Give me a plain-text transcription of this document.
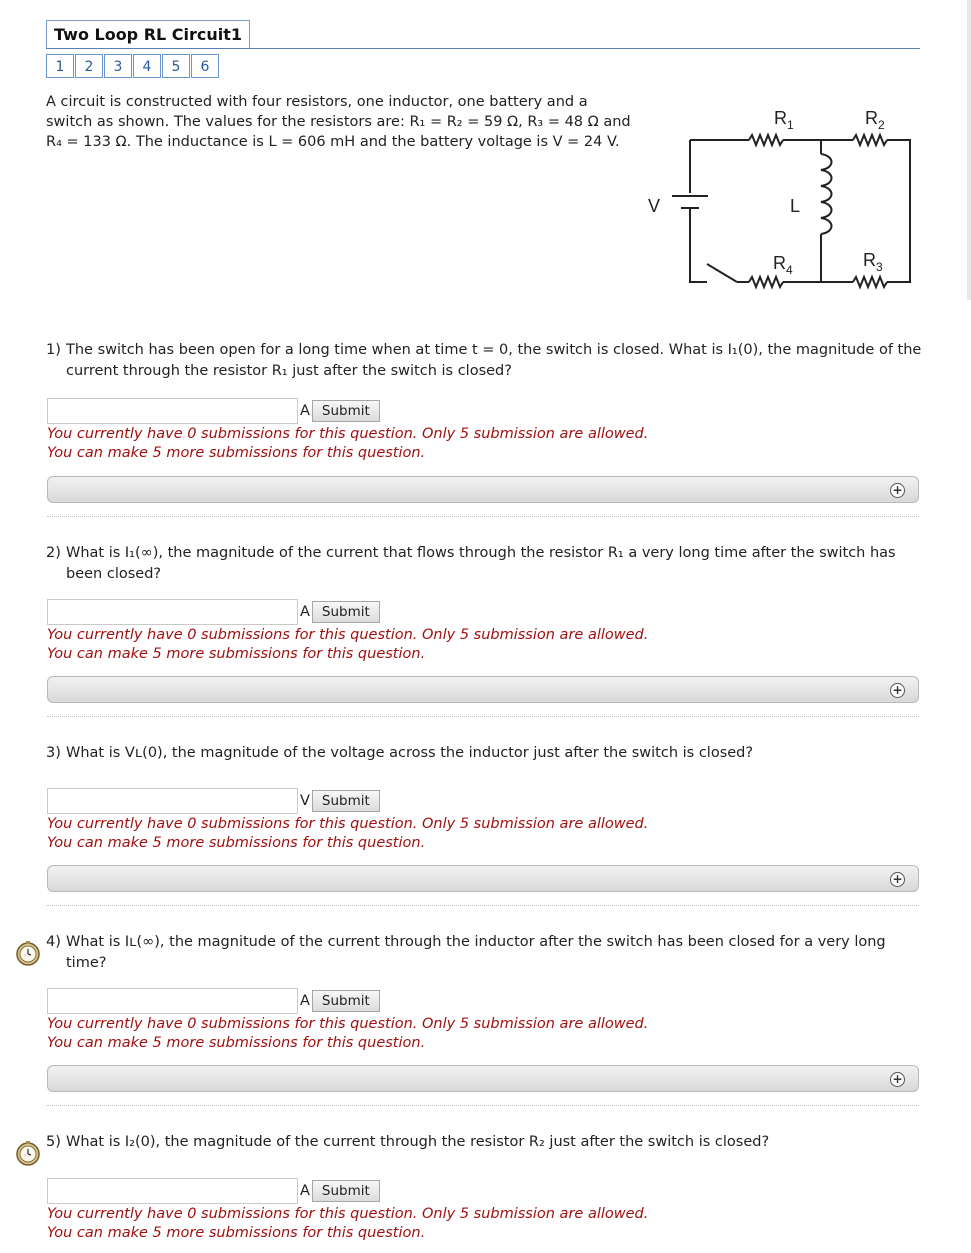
Two Loop RL Circuit1
1	2	3	4	5	6
A circuit is constructed with four resistors, one inductor, one battery and a
switch as shown. The values for the resistors are: R₁ = R₂ = 59 Ω, R₃ = 48 Ω and
R₄ = 133 Ω. The inductance is L = 606 mH and the battery voltage is V = 24 V.
V	L
$R_1$	$R_2$
$R_4$	$R_3$
1) The switch has been open for a long time when at time t = 0, the switch is closed. What is I₁(0), the magnitude of the
current through the resistor R₁ just after the switch is closed?
A Submit
You currently have 0 submissions for this question. Only 5 submission are allowed.
You can make 5 more submissions for this question.
+
2) What is I₁(∞), the magnitude of the current that flows through the resistor R₁ a very long time after the switch has
been closed?
A Submit
You currently have 0 submissions for this question. Only 5 submission are allowed.
You can make 5 more submissions for this question.
+
3) What is Vʟ(0), the magnitude of the voltage across the inductor just after the switch is closed?
V Submit
You currently have 0 submissions for this question. Only 5 submission are allowed.
You can make 5 more submissions for this question.
+
4) What is Iʟ(∞), the magnitude of the current through the inductor after the switch has been closed for a very long
time?
A Submit
You currently have 0 submissions for this question. Only 5 submission are allowed.
You can make 5 more submissions for this question.
+
5) What is I₂(0), the magnitude of the current through the resistor R₂ just after the switch is closed?
A Submit
You currently have 0 submissions for this question. Only 5 submission are allowed.
You can make 5 more submissions for this question.
